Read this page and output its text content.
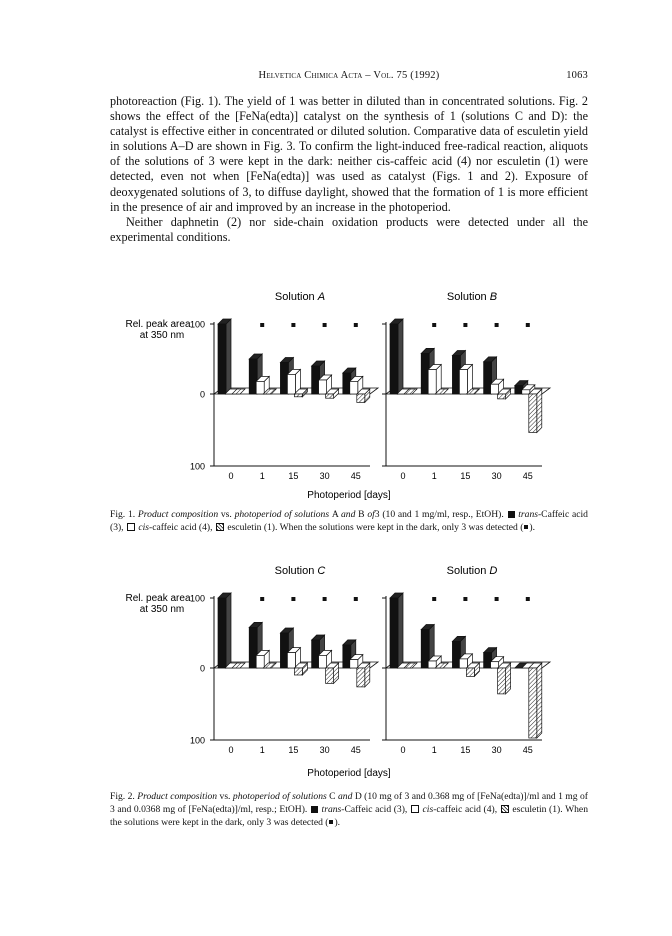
Helvetica Chimica Acta – Vol. 75 (1992)	1063

photoreaction (Fig. 1). The yield of 1 was better in diluted than in concentrated solutions. Fig. 2 shows the effect of the [FeNa(edta)] catalyst on the synthesis of 1 (solutions C and D): the catalyst is effective either in concentrated or diluted solution. Comparative data of esculetin yield in solutions A–D are shown in Fig. 3. To confirm the light-induced free-radical reaction, aliquots of the solutions of 3 were kept in the dark: neither cis-caffeic acid (4) nor esculetin (1) were detected, even not when [FeNa(edta)] was used as catalyst (Figs. 1 and 2). Exposure of deoxygenated solutions of 3, to diffuse daylight, showed that the formation of 1 is more efficient in the presence of air and improved by an increase in the photoperiod.

Neither daphnetin (2) nor side-chain oxidation products were detected under all the experimental conditions.

Rel. peak area
at 350 nm
100
0
100
Solution A
0	1	15 30 45
Solution B
0	1	15 30 45
Photoperiod [days]
Fig. 1. Product composition vs. photoperiod of solutions A and B of3 (10 and 1 mg/ml, resp., EtOH).  trans-Caffeic acid (3),  cis-caffeic acid (4),  esculetin (1). When the solutions were kept in the dark, only 3 was detected ( ).
Rel. peak area
at 350 nm
100
0
100
Solution C
0	1	15 30 45
Solution D
0	1	15 30 45
Photoperiod [days]
Fig. 2. Product composition vs. photoperiod of solutions C and D (10 mg of 3 and 0.368 mg of [FeNa(edta)]/ml and 1 mg of 3 and 0.0368 mg of [FeNa(edta)]/ml, resp.; EtOH).  trans-Caffeic acid (3),  cis-caffeic acid (4),  esculetin (1). When the solutions were kept in the dark, only 3 was detected ( ).
